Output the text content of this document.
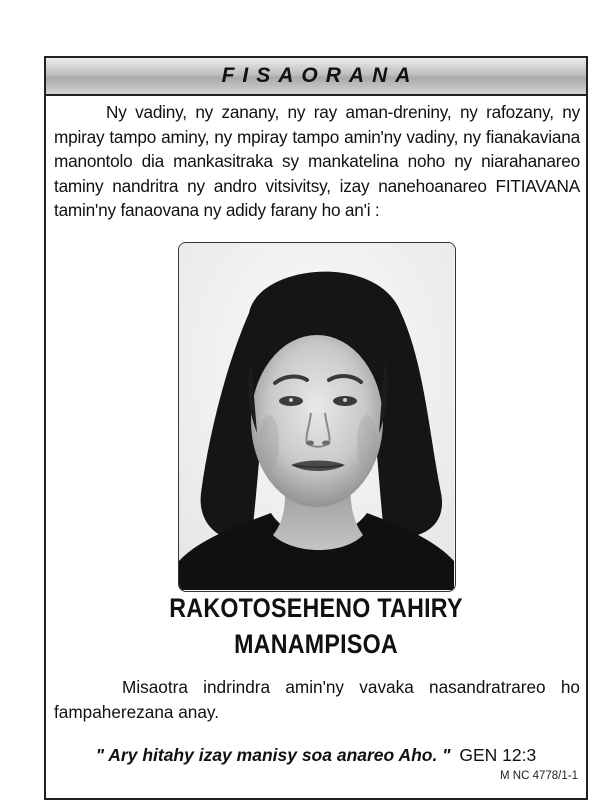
FISAORANA

Ny vadiny, ny zanany, ny ray aman-dreniny, ny rafozany, ny mpiray tampo aminy, ny mpiray tampo amin'ny vadiny, ny fianakaviana manontolo dia mankasitraka sy mankatelina noho ny niarahanareo taminy nandritra ny andro vitsivitsy, izay nanehoanareo FITIAVANA tamin'ny fanaovana ny adidy farany ho an'i :

RAKOTOSEHENO TAHIRY
MANAMPISOA

Misaotra indrindra amin'ny vavaka nasandratrareo ho fampaherezana anay.

" Ary hitahy izay manisy soa anareo Aho. " GEN 12:3
M NC 4778/1-1
